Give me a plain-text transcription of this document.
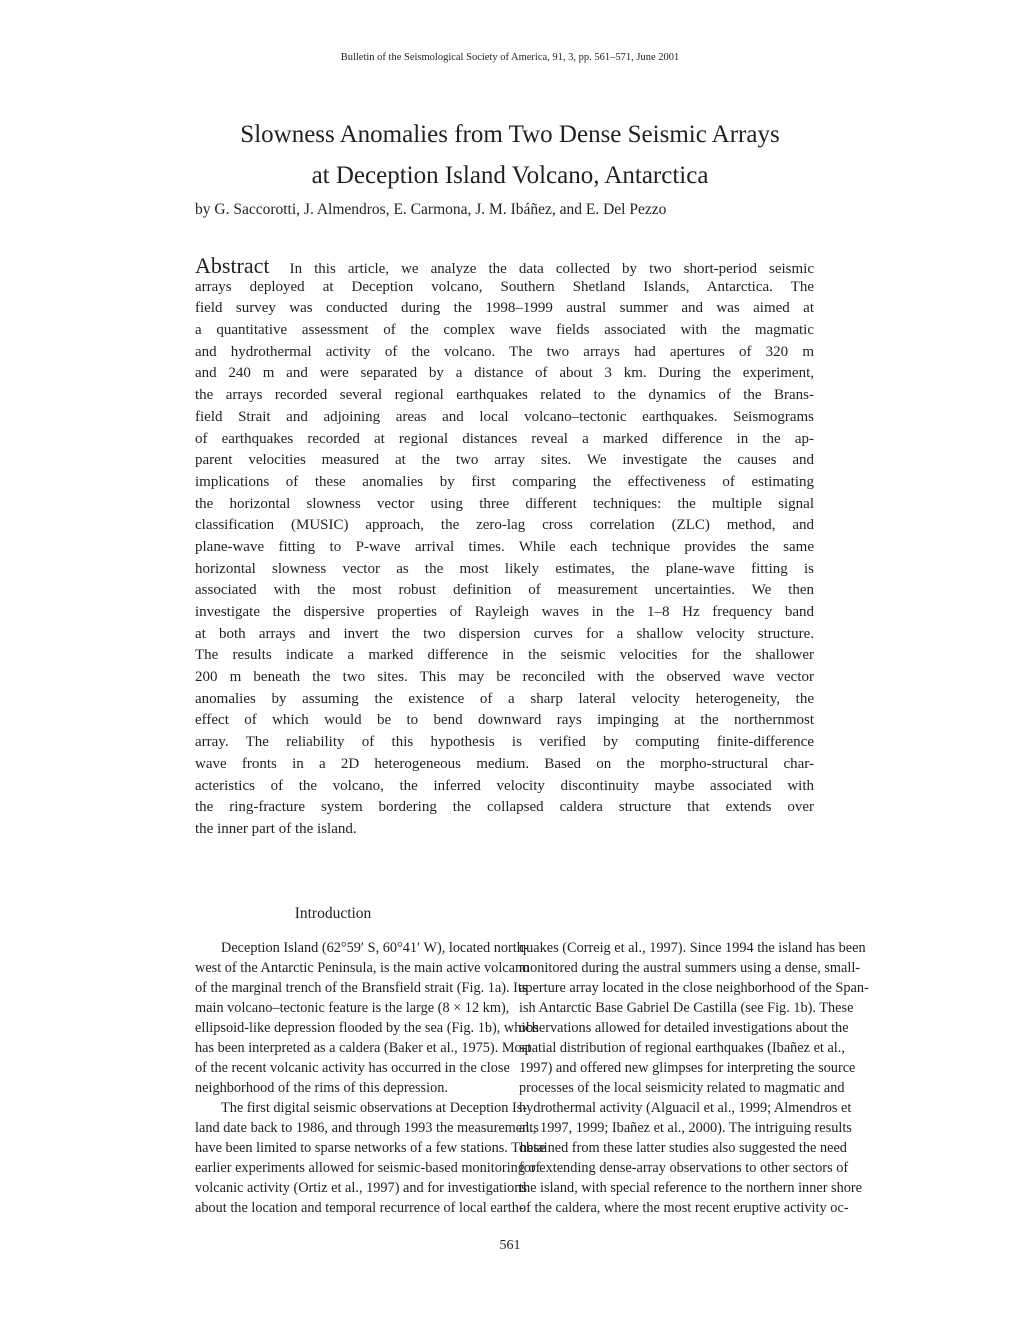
Bulletin of the Seismological Society of America, 91, 3, pp. 561–571, June 2001
Slowness Anomalies from Two Dense Seismic Arrays
at Deception Island Volcano, Antarctica
by G. Saccorotti, J. Almendros, E. Carmona, J. M. Ibáñez, and E. Del Pezzo
Abstract In this article, we analyze the data collected by two short-period seismic
arrays deployed at Deception volcano, Southern Shetland Islands, Antarctica. The
field survey was conducted during the 1998–1999 austral summer and was aimed at
a quantitative assessment of the complex wave fields associated with the magmatic
and hydrothermal activity of the volcano. The two arrays had apertures of 320 m
and 240 m and were separated by a distance of about 3 km. During the experiment,
the arrays recorded several regional earthquakes related to the dynamics of the Brans-
field Strait and adjoining areas and local volcano–tectonic earthquakes. Seismograms
of earthquakes recorded at regional distances reveal a marked difference in the ap-
parent velocities measured at the two array sites. We investigate the causes and
implications of these anomalies by first comparing the effectiveness of estimating
the horizontal slowness vector using three different techniques: the multiple signal
classification (MUSIC) approach, the zero-lag cross correlation (ZLC) method, and
plane-wave fitting to P-wave arrival times. While each technique provides the same
horizontal slowness vector as the most likely estimates, the plane-wave fitting is
associated with the most robust definition of measurement uncertainties. We then
investigate the dispersive properties of Rayleigh waves in the 1–8 Hz frequency band
at both arrays and invert the two dispersion curves for a shallow velocity structure.
The results indicate a marked difference in the seismic velocities for the shallower
200 m beneath the two sites. This may be reconciled with the observed wave vector
anomalies by assuming the existence of a sharp lateral velocity heterogeneity, the
effect of which would be to bend downward rays impinging at the northernmost
array. The reliability of this hypothesis is verified by computing finite-difference
wave fronts in a 2D heterogeneous medium. Based on the morpho-structural char-
acteristics of the volcano, the inferred velocity discontinuity maybe associated with
the ring-fracture system bordering the collapsed caldera structure that extends over
the inner part of the island.
Introduction
Deception Island (62°59′ S, 60°41′ W), located north-
west of the Antarctic Peninsula, is the main active volcano
of the marginal trench of the Bransfield strait (Fig. 1a). Its
main volcano–tectonic feature is the large (8 × 12 km),
ellipsoid-like depression flooded by the sea (Fig. 1b), which
has been interpreted as a caldera (Baker et al., 1975). Most
of the recent volcanic activity has occurred in the close
neighborhood of the rims of this depression.
The first digital seismic observations at Deception Is-
land date back to 1986, and through 1993 the measurements
have been limited to sparse networks of a few stations. These
earlier experiments allowed for seismic-based monitoring of
volcanic activity (Ortiz et al., 1997) and for investigations
about the location and temporal recurrence of local earth-
quakes (Correig et al., 1997). Since 1994 the island has been
monitored during the austral summers using a dense, small-
aperture array located in the close neighborhood of the Span-
ish Antarctic Base Gabriel De Castilla (see Fig. 1b). These
observations allowed for detailed investigations about the
spatial distribution of regional earthquakes (Ibañez et al.,
1997) and offered new glimpses for interpreting the source
processes of the local seismicity related to magmatic and
hydrothermal activity (Alguacil et al., 1999; Almendros et
al., 1997, 1999; Ibañez et al., 2000). The intriguing results
obtained from these latter studies also suggested the need
for extending dense-array observations to other sectors of
the island, with special reference to the northern inner shore
of the caldera, where the most recent eruptive activity oc-
561
